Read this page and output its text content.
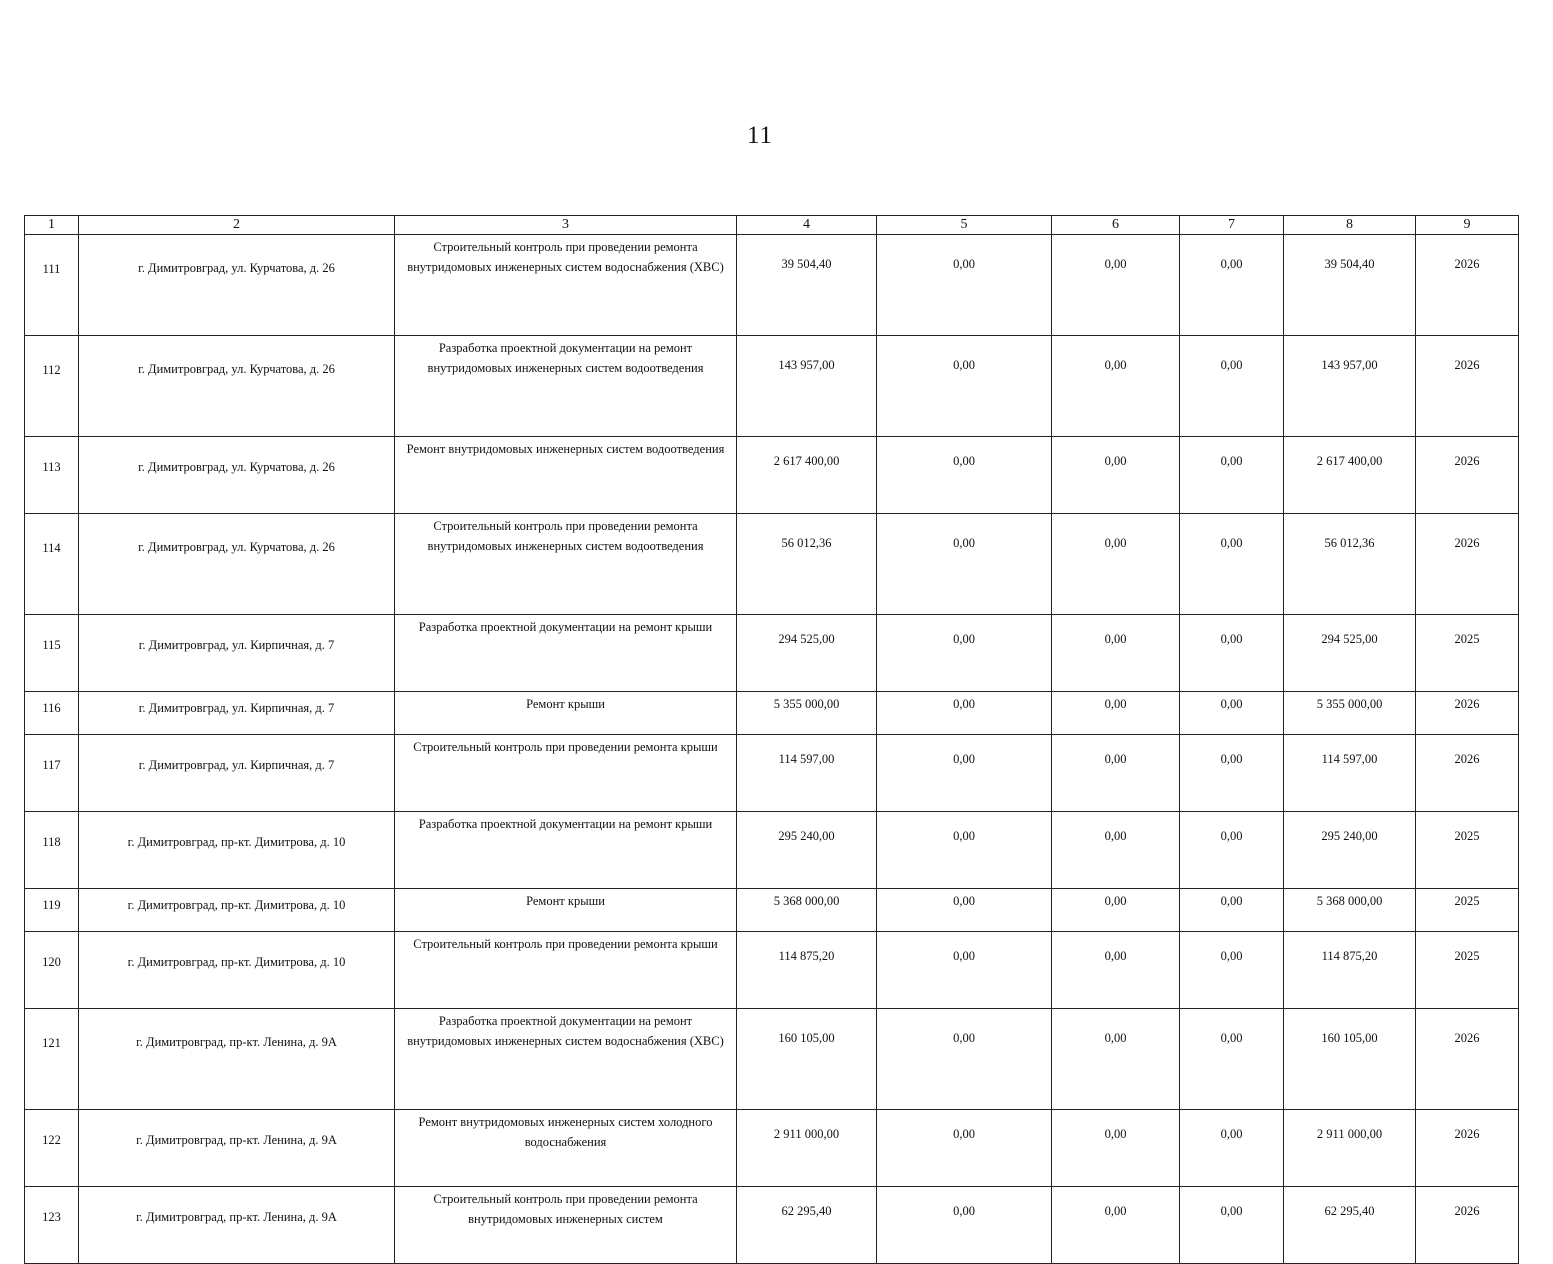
11
1	2	3	4	5	6	7	8	9
111	г. Димитровград, ул. Курчатова, д. 26	Строительный контроль при проведении ремонта внутридомовых инженерных систем водоснабжения (ХВС)	39 504,40	0,00	0,00	0,00	39 504,40	2026
112	г. Димитровград, ул. Курчатова, д. 26	Разработка проектной документации на ремонт внутридомовых инженерных систем водоотведения	143 957,00	0,00	0,00	0,00	143 957,00	2026
113	г. Димитровград, ул. Курчатова, д. 26	Ремонт внутридомовых инженерных систем водоотведения	2 617 400,00	0,00	0,00	0,00	2 617 400,00	2026
114	г. Димитровград, ул. Курчатова, д. 26	Строительный контроль при проведении ремонта внутридомовых инженерных систем водоотведения	56 012,36	0,00	0,00	0,00	56 012,36	2026
115	г. Димитровград, ул. Кирпичная, д. 7	Разработка проектной документации на ремонт крыши	294 525,00	0,00	0,00	0,00	294 525,00	2025
116	г. Димитровград, ул. Кирпичная, д. 7	Ремонт крыши	5 355 000,00	0,00	0,00	0,00	5 355 000,00	2026
117	г. Димитровград, ул. Кирпичная, д. 7	Строительный контроль при проведении ремонта крыши	114 597,00	0,00	0,00	0,00	114 597,00	2026
118	г. Димитровград, пр-кт. Димитрова, д. 10	Разработка проектной документации на ремонт крыши	295 240,00	0,00	0,00	0,00	295 240,00	2025
119	г. Димитровград, пр-кт. Димитрова, д. 10	Ремонт крыши	5 368 000,00	0,00	0,00	0,00	5 368 000,00	2025
120	г. Димитровград, пр-кт. Димитрова, д. 10	Строительный контроль при проведении ремонта крыши	114 875,20	0,00	0,00	0,00	114 875,20	2025
121	г. Димитровград, пр-кт. Ленина, д. 9А	Разработка проектной документации на ремонт внутридомовых инженерных систем водоснабжения (ХВС)	160 105,00	0,00	0,00	0,00	160 105,00	2026
122	г. Димитровград, пр-кт. Ленина, д. 9А	Ремонт внутридомовых инженерных систем холодного водоснабжения	2 911 000,00	0,00	0,00	0,00	2 911 000,00	2026
123	г. Димитровград, пр-кт. Ленина, д. 9А	Строительный контроль при проведении ремонта внутридомовых инженерных систем	62 295,40	0,00	0,00	0,00	62 295,40	2026
